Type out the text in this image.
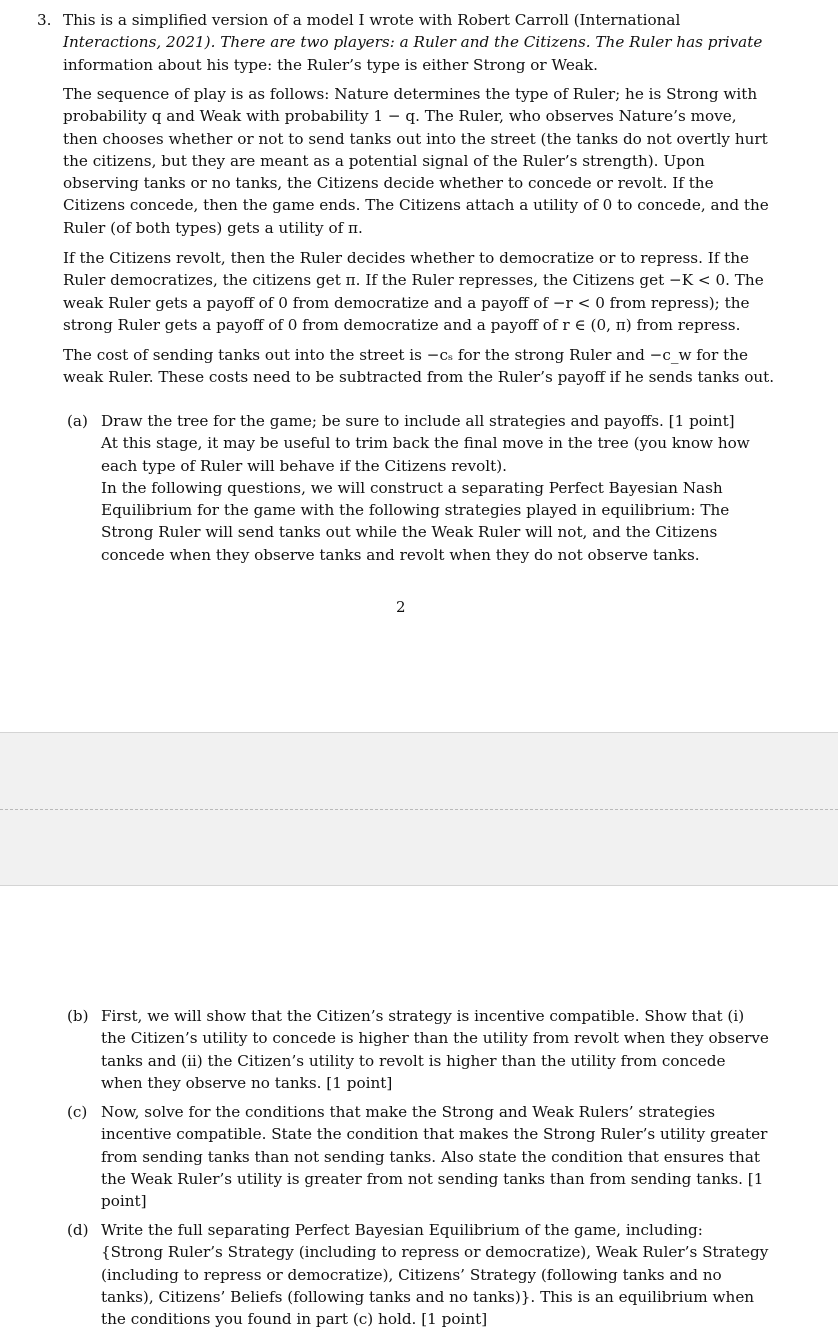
3. This is a simplified version of a model I wrote with Robert Carroll (International
Interactions, 2021). There are two players: a Ruler and the Citizens. The Ruler has private
information about his type: the Ruler’s type is either Strong or Weak.
The sequence of play is as follows: Nature determines the type of Ruler; he is Strong with
probability q and Weak with probability 1 − q. The Ruler, who observes Nature’s move,
then chooses whether or not to send tanks out into the street (the tanks do not overtly hurt
the citizens, but they are meant as a potential signal of the Ruler’s strength). Upon
observing tanks or no tanks, the Citizens decide whether to concede or revolt. If the
Citizens concede, then the game ends. The Citizens attach a utility of 0 to concede, and the
Ruler (of both types) gets a utility of π.
If the Citizens revolt, then the Ruler decides whether to democratize or to repress. If the
Ruler democratizes, the citizens get π. If the Ruler represses, the Citizens get −K < 0. The
weak Ruler gets a payoff of 0 from democratize and a payoff of −r < 0 from repress); the
strong Ruler gets a payoff of 0 from democratize and a payoff of r ∈ (0, π) from repress.
The cost of sending tanks out into the street is −cₛ for the strong Ruler and −c_w for the
weak Ruler. These costs need to be subtracted from the Ruler’s payoff if he sends tanks out.
(a) Draw the tree for the game; be sure to include all strategies and payoffs. [1 point]
At this stage, it may be useful to trim back the final move in the tree (you know how
each type of Ruler will behave if the Citizens revolt).
In the following questions, we will construct a separating Perfect Bayesian Nash
Equilibrium for the game with the following strategies played in equilibrium: The
Strong Ruler will send tanks out while the Weak Ruler will not, and the Citizens
concede when they observe tanks and revolt when they do not observe tanks.
2
(b) First, we will show that the Citizen’s strategy is incentive compatible. Show that (i)
the Citizen’s utility to concede is higher than the utility from revolt when they observe
tanks and (ii) the Citizen’s utility to revolt is higher than the utility from concede
when they observe no tanks. [1 point]
(c) Now, solve for the conditions that make the Strong and Weak Rulers’ strategies
incentive compatible. State the condition that makes the Strong Ruler’s utility greater
from sending tanks than not sending tanks. Also state the condition that ensures that
the Weak Ruler’s utility is greater from not sending tanks than from sending tanks. [1
point]
(d) Write the full separating Perfect Bayesian Equilibrium of the game, including:
{Strong Ruler’s Strategy (including to repress or democratize), Weak Ruler’s Strategy
(including to repress or democratize), Citizens’ Strategy (following tanks and no
tanks), Citizens’ Beliefs (following tanks and no tanks)}. This is an equilibrium when
the conditions you found in part (c) hold. [1 point]
